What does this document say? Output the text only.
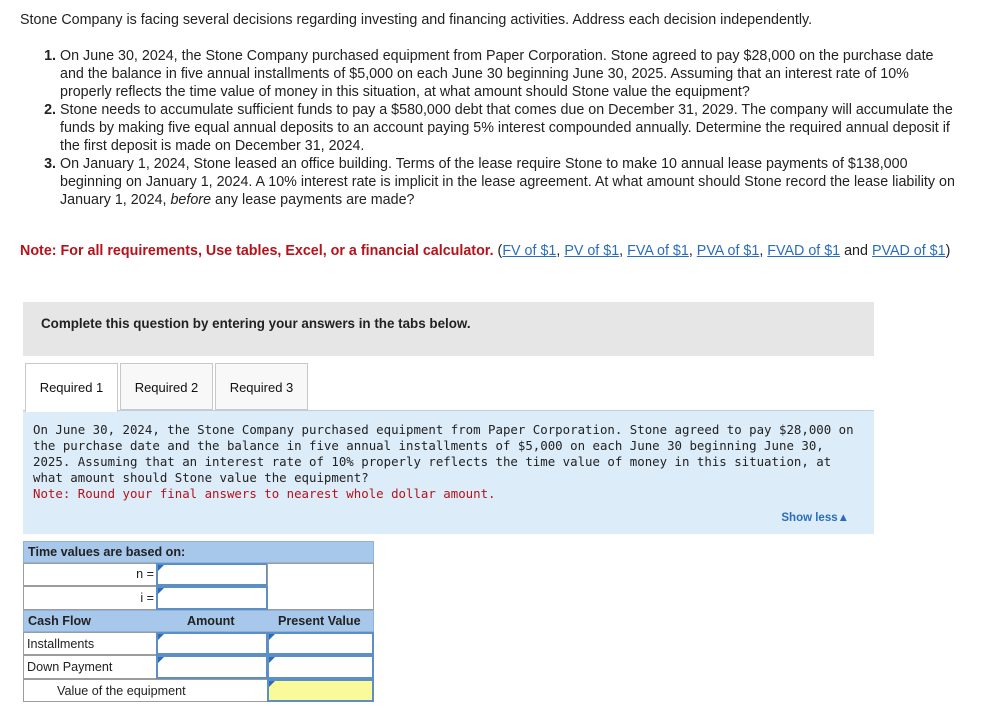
Stone Company is facing several decisions regarding investing and financing activities. Address each decision independently.
1. On June 30, 2024, the Stone Company purchased equipment from Paper Corporation. Stone agreed to pay $28,000 on the purchase date and the balance in five annual installments of $5,000 on each June 30 beginning June 30, 2025. Assuming that an interest rate of 10% properly reflects the time value of money in this situation, at what amount should Stone value the equipment?
2. Stone needs to accumulate sufficient funds to pay a $580,000 debt that comes due on December 31, 2029. The company will accumulate the funds by making five equal annual deposits to an account paying 5% interest compounded annually. Determine the required annual deposit if the first deposit is made on December 31, 2024.
3. On January 1, 2024, Stone leased an office building. Terms of the lease require Stone to make 10 annual lease payments of $138,000 beginning on January 1, 2024. A 10% interest rate is implicit in the lease agreement. At what amount should Stone record the lease liability on January 1, 2024, before any lease payments are made?
Note: For all requirements, Use tables, Excel, or a financial calculator. (FV of $1, PV of $1, FVA of $1, PVA of $1, FVAD of $1 and PVAD of $1)
Complete this question by entering your answers in the tabs below.
Required 1	Required 2	Required 3
On June 30, 2024, the Stone Company purchased equipment from Paper Corporation. Stone agreed to pay $28,000 on the purchase date and the balance in five annual installments of $5,000 on each June 30 beginning June 30, 2025. Assuming that an interest rate of 10% properly reflects the time value of money in this situation, at what amount should Stone value the equipment?
Note: Round your final answers to nearest whole dollar amount.
Show less▲
Time values are based on:
n =
i =
Cash Flow	Amount	Present Value
Installments
Down Payment
Value of the equipment
